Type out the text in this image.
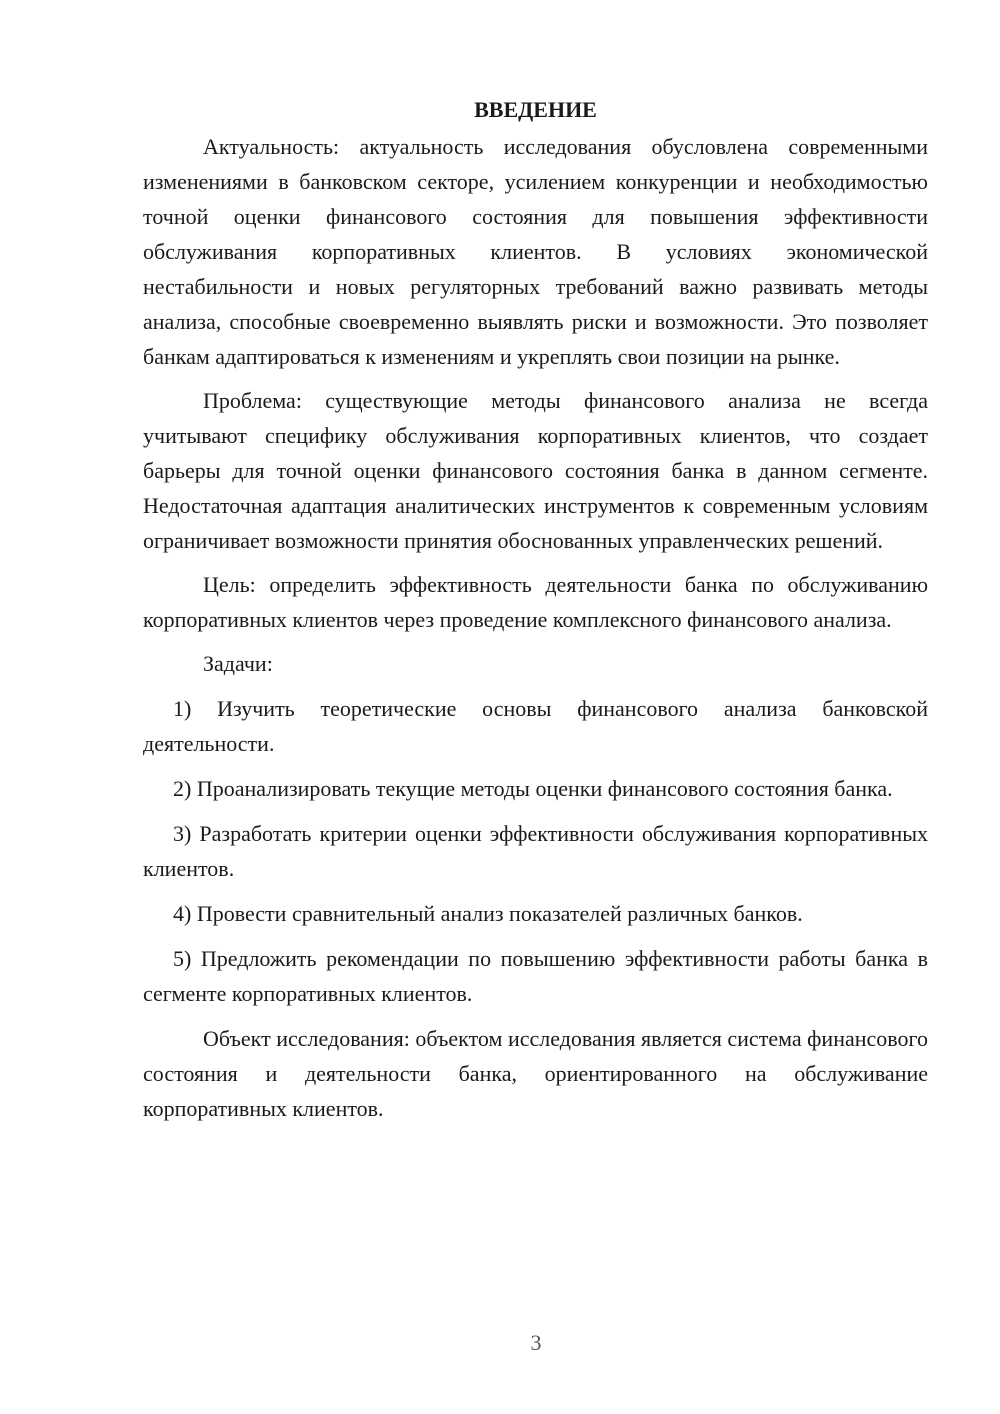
ВВЕДЕНИЕ

Актуальность: актуальность исследования обусловлена современными изменениями в банковском секторе, усилением конкуренции и необходимостью точной оценки финансового состояния для повышения эффективности обслуживания корпоративных клиентов. В условиях экономической нестабильности и новых регуляторных требований важно развивать методы анализа, способные своевременно выявлять риски и возможности. Это позволяет банкам адаптироваться к изменениям и укреплять свои позиции на рынке.

Проблема: существующие методы финансового анализа не всегда учитывают специфику обслуживания корпоративных клиентов, что создает барьеры для точной оценки финансового состояния банка в данном сегменте. Недостаточная адаптация аналитических инструментов к современным условиям ограничивает возможности принятия обоснованных управленческих решений.

Цель: определить эффективность деятельности банка по обслуживанию корпоративных клиентов через проведение комплексного финансового анализа.

Задачи:

1) Изучить теоретические основы финансового анализа банковской деятельности.

2) Проанализировать текущие методы оценки финансового состояния банка.

3) Разработать критерии оценки эффективности обслуживания корпоративных клиентов.

4) Провести сравнительный анализ показателей различных банков.

5) Предложить рекомендации по повышению эффективности работы банка в сегменте корпоративных клиентов.

Объект исследования: объектом исследования является система финансового состояния и деятельности банка, ориентированного на обслуживание корпоративных клиентов.

3
